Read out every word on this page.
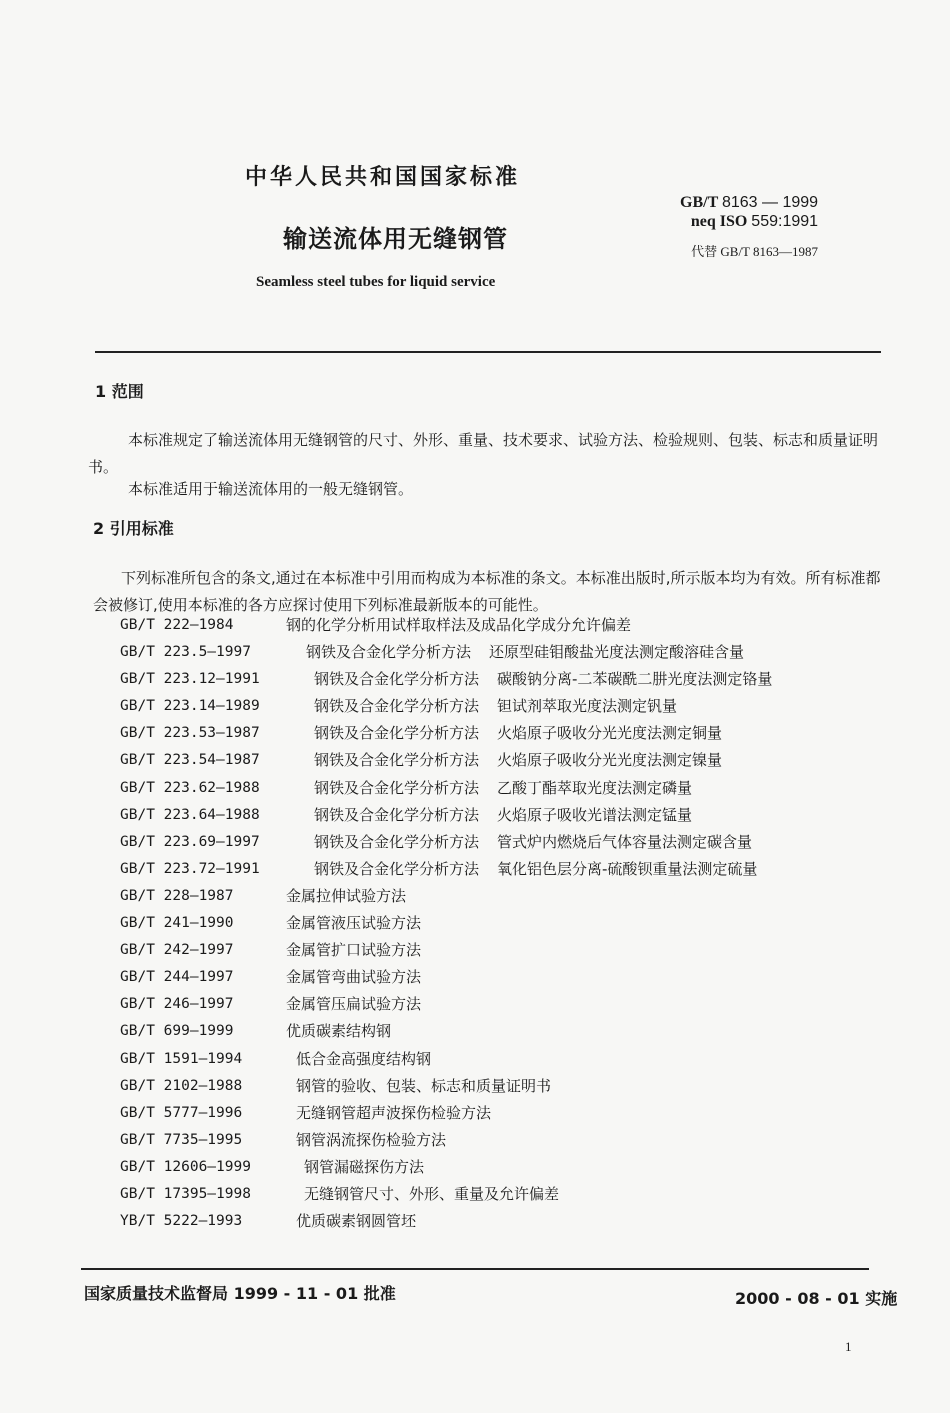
中华人民共和国国家标准
输送流体用无缝钢管
Seamless steel tubes for liquid service
GB/T 8163 — 1999
neq ISO 559:1991
代替 GB/T 8163—1987
1 范围
本标准规定了输送流体用无缝钢管的尺寸、外形、重量、技术要求、试验方法、检验规则、包装、标志和质量证明书。
本标准适用于输送流体用的一般无缝钢管。
2 引用标准
下列标准所包含的条文,通过在本标准中引用而构成为本标准的条文。本标准出版时,所示版本均为有效。所有标准都会被修订,使用本标准的各方应探讨使用下列标准最新版本的可能性。
GB/T 222—1984	钢的化学分析用试样取样法及成品化学成分允许偏差
GB/T 223.5—1997	钢铁及合金化学分析方法 还原型硅钼酸盐光度法测定酸溶硅含量
GB/T 223.12—1991	钢铁及合金化学分析方法 碳酸钠分离-二苯碳酰二肼光度法测定铬量
GB/T 223.14—1989	钢铁及合金化学分析方法 钽试剂萃取光度法测定钒量
GB/T 223.53—1987	钢铁及合金化学分析方法 火焰原子吸收分光光度法测定铜量
GB/T 223.54—1987	钢铁及合金化学分析方法 火焰原子吸收分光光度法测定镍量
GB/T 223.62—1988	钢铁及合金化学分析方法 乙酸丁酯萃取光度法测定磷量
GB/T 223.64—1988	钢铁及合金化学分析方法 火焰原子吸收光谱法测定锰量
GB/T 223.69—1997	钢铁及合金化学分析方法 管式炉内燃烧后气体容量法测定碳含量
GB/T 223.72—1991	钢铁及合金化学分析方法 氧化铝色层分离-硫酸钡重量法测定硫量
GB/T 228—1987	金属拉伸试验方法
GB/T 241—1990	金属管液压试验方法
GB/T 242—1997	金属管扩口试验方法
GB/T 244—1997	金属管弯曲试验方法
GB/T 246—1997	金属管压扁试验方法
GB/T 699—1999	优质碳素结构钢
GB/T 1591—1994	低合金高强度结构钢
GB/T 2102—1988	钢管的验收、包装、标志和质量证明书
GB/T 5777—1996	无缝钢管超声波探伤检验方法
GB/T 7735—1995	钢管涡流探伤检验方法
GB/T 12606—1999	钢管漏磁探伤方法
GB/T 17395—1998	无缝钢管尺寸、外形、重量及允许偏差
YB/T 5222—1993	优质碳素钢圆管坯
国家质量技术监督局 1999 - 11 - 01 批准	2000 - 08 - 01 实施
1
